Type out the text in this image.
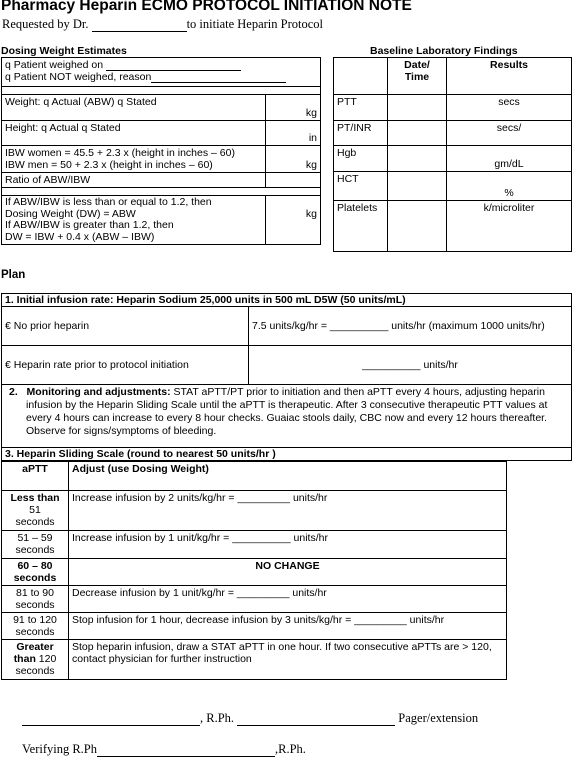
Pharmacy Heparin ECMO PROTOCOL INITIATION NOTE
Requested by Dr.	to initiate Heparin Protocol
Dosing Weight Estimates	Baseline Laboratory Findings
q Patient weighed on
q Patient NOT weighed, reason	

Weight: q Actual (ABW) q Stated	kg
Height: q Actual q Stated	in
IBW women = 45.5 + 2.3 x (height in inches – 60)
IBW men = 50 + 2.3 x (height in inches – 60)	kg
Ratio of ABW/IBW	

If ABW/IBW is less than or equal to 1.2, then
Dosing Weight (DW) = ABW
If ABW/IBW is greater than 1.2, then
DW = IBW + 0.4 x (ABW – IBW)	kg
	Date/ Time	Results
PTT		secs
PT/INR		secs/
Hgb		gm/dL
HCT		%
Platelets		k/microliter
Plan
1. Initial infusion rate: Heparin Sodium 25,000 units in 500 mL D5W (50 units/mL)	
€ No prior heparin	7.5 units/kg/hr = __________ units/hr (maximum 1000 units/hr)
€ Heparin rate prior to protocol initiation	__________ units/hr
2. Monitoring and adjustments: STAT aPTT/PT prior to initiation and then aPTT every 4 hours, adjusting heparin infusion by the Heparin Sliding Scale until the aPTT is therapeutic. After 3 consecutive therapeutic PTT values at every 4 hours can increase to every 8 hour checks. Guaiac stools daily, CBC now and every 12 hours thereafter. Observe for signs/symptoms of bleeding.	
3. Heparin Sliding Scale (round to nearest 50 units/hr )	
aPTT	Adjust (use Dosing Weight)

Less than
51
seconds	Increase infusion by 2 units/kg/hr = _________ units/hr

51 – 59
seconds	Increase infusion by 1 unit/kg/hr = __________ units/hr

60 – 80
seconds	NO CHANGE

81 to 90
seconds	Decrease infusion by 1 unit/kg/hr = _________ units/hr

91 to 120
seconds	Stop infusion for 1 hour, decrease infusion by 3 units/kg/hr = _________ units/hr

Greater
than 120
seconds	Stop heparin infusion, draw a STAT aPTT in one hour. If two consecutive aPTTs are > 120, contact physician for further instruction
, R.Ph.	Pager/extension
Verifying R.Ph	,R.Ph.
